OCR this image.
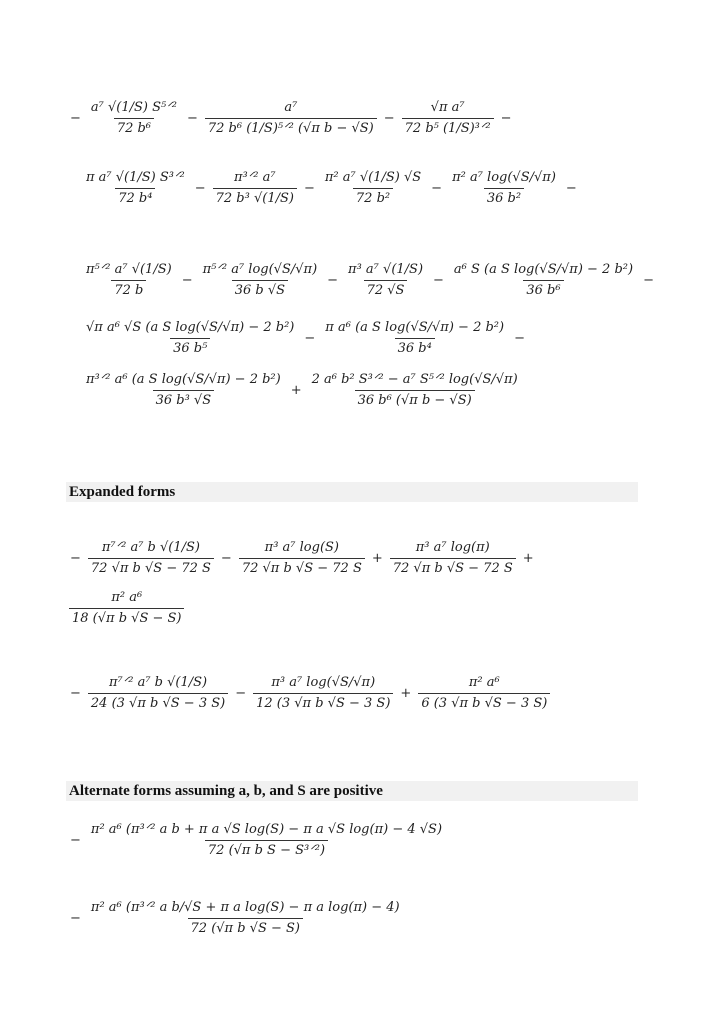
− $\frac{\text{a⁷ √(1/S) S⁵ᐟ²}}{\text{72 b⁶}} - \frac{\text{a⁷}}{\text{72 b⁶ (1/S)⁵ᐟ² (√π b − √S)}} - \frac{\text{√π a⁷}}{\text{72 b⁵ (1/S)³ᐟ²}}$ −
$\frac{\text{π a⁷ √(1/S) S³ᐟ²}}{\text{72 b⁴}} - \frac{\text{π³ᐟ² a⁷}}{\text{72 b³ √(1/S)}} - \frac{\text{π² a⁷ √(1/S) √S}}{\text{72 b²}} - \frac{\text{π² a⁷ log(√S/√π)}}{\text{36 b²}}$ −
$\frac{\text{π⁵ᐟ² a⁷ √(1/S)}}{72 b} - \frac{\text{π⁵ᐟ² a⁷ log(√S/√π)}}{36 b √S} - \frac{\text{π³ a⁷ √(1/S)}}{72 √S} - \frac{\text{a⁶ S (a S log(√S/√π) − 2 b²)}}{\text{36 b⁶}}$ −
$\frac{\text{√π a⁶ √S (a S log(√S/√π) − 2 b²)}}{\text{36 b⁵}} - \frac{\text{π a⁶ (a S log(√S/√π) − 2 b²)}}{\text{36 b⁴}}$ −
$\frac{\text{π³ᐟ² a⁶ (a S log(√S/√π) − 2 b²)}}{\text{36 b³ √S}} + \frac{\text{2 a⁶ b² S³ᐟ² − a⁷ S⁵ᐟ² log(√S/√π)}}{\text{36 b⁶ (√π b − √S)}}$
Expanded forms
− $\frac{\text{π⁷ᐟ² a⁷ b √(1/S)}}{\text{72 √π b √S − 72 S}} - \frac{\text{π³ a⁷ log(S)}}{\text{72 √π b √S − 72 S}} + \frac{\text{π³ a⁷ log(π)}}{\text{72 √π b √S − 72 S}}$ +
$\frac{\text{π² a⁶}}{\text{18 (√π b √S − S)}}$
− $\frac{\text{π⁷ᐟ² a⁷ b √(1/S)}}{\text{24 (3 √π b √S − 3 S)}} - \frac{\text{π³ a⁷ log(√S/√π)}}{\text{12 (3 √π b √S − 3 S)}} + \frac{\text{π² a⁶}}{\text{6 (3 √π b √S − 3 S)}}$
Alternate forms assuming a, b, and S are positive
− $\frac{\text{π² a⁶ (π³ᐟ² a b + π a √S log(S) − π a √S log(π) − 4 √S)}}{\text{72 (√π b S − S³ᐟ²)}}$
− $\frac{\text{π² a⁶ (π³ᐟ² a b/√S + π a log(S) − π a log(π) − 4)}}{\text{72 (√π b √S − S)}}$
